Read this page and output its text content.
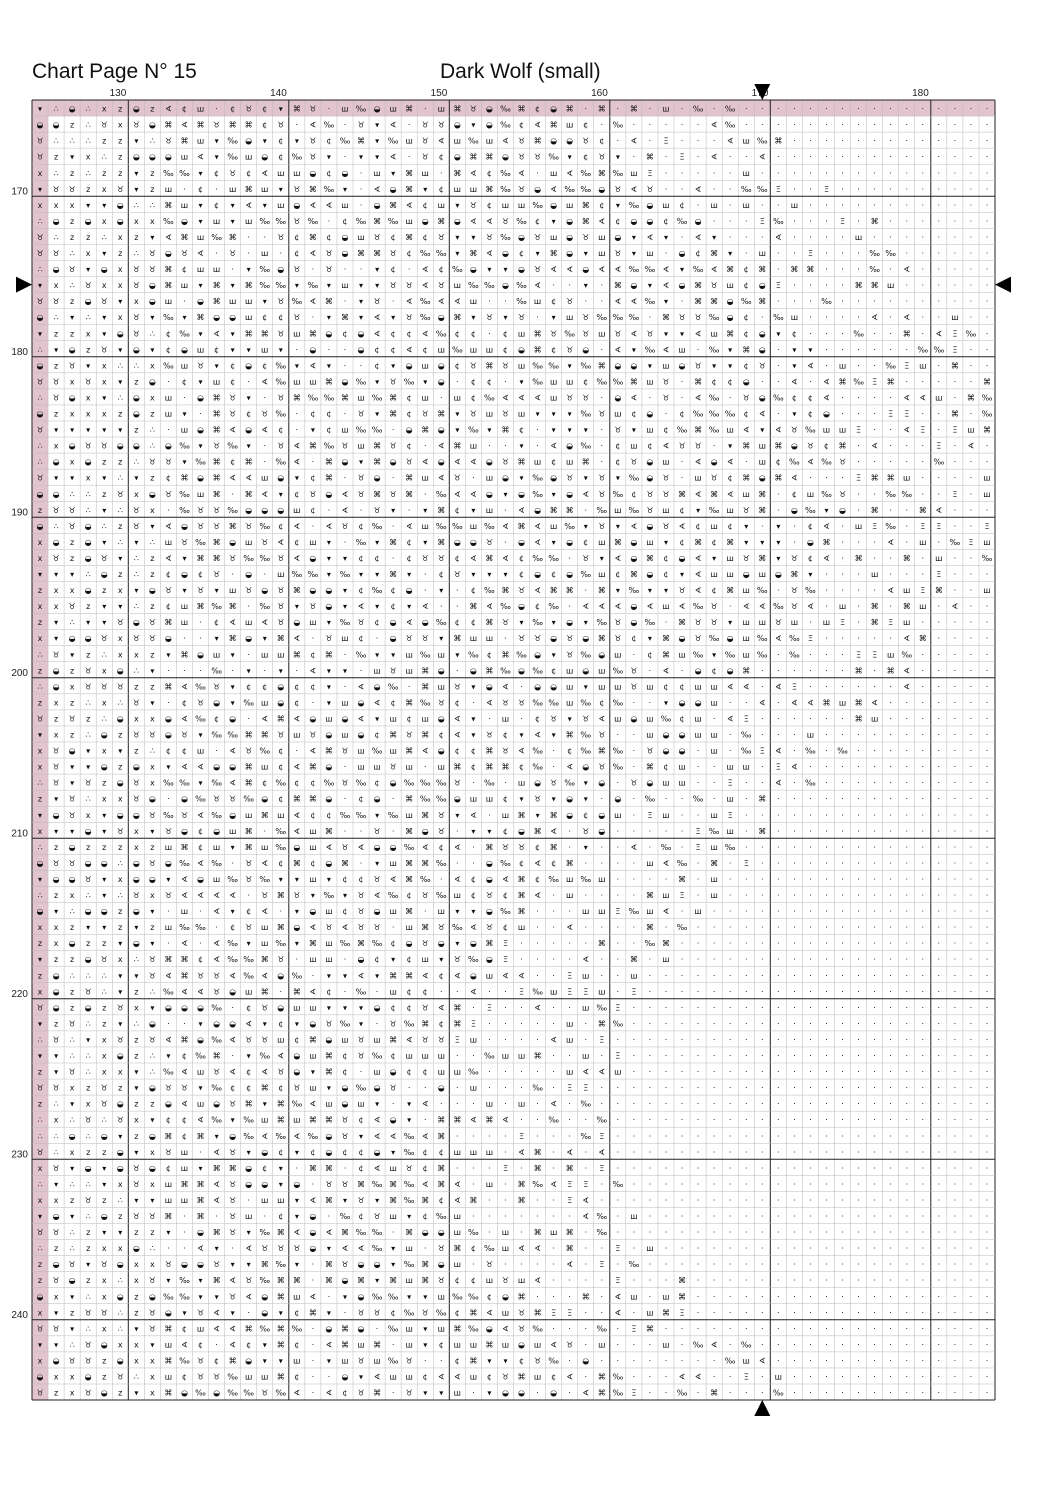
Chart Page N° 15	Dark Wolf (small)
▾ ∴ ◒ ∴ x z ◒ z ∢ ¢ ш · ¢ ♉ ¢ ▾ ⌘ ♉ · ш ‰ ◒ ш ⌘ · ш ⌘ ♉ ◒ ‰ ⌘ ¢ ◒ ⌘ · ⌘ · ⌘ · ш · ‰ · ‰ · · · · · · · · · · · · · · · ·
◒ ◒ z ∴ ♉ x ♉ ◒ ⌘ ∢ ⌘ ♉ ⌘ ⌘ ¢ ♉ · ∢ ‰ · ♉ ▾ ∢ · ♉ ♉ ◒ ▾ ◒ ‰ ¢ ∢ ⌘ ш ¢ · ‰ · · · · · ∢ ‰ · · · · · · · · · · · · · · · ·
♉ ∴ ∴ ∴ z z ▾ ∴ ♉ ⌘ ш ▾ ‰ ◒ ▾ ¢ ▾ ♉ ¢ ‰ ⌘ ▾ ‰ ш ♉ ∢ ш ‰ ш ∢ ♉ ⌘ ◒ ◒ ♉ ¢ · ∢ · Ξ · · · ∢ ш ‰ ⌘ · · · · · · · · · · · · ·
♉ z ▾ x ∴ z ◒ ◒ ◒ ш ∢ ▾ ‰ ш ◒ ¢ ‰ ♉ ▾ · ▾ ▾ ∢ · ♉ ¢ ◒ ⌘ ⌘ ◒ ♉ ♉ ‰ ▾ ¢ ♉ ▾ · ⌘ · Ξ · ∢ · · ∢ · · · · · · · · · · · · · ·
x ∴ z ∴ z z ▾ z ‰ ‰ ▾ ¢ ♉ ¢ ∢ ш ш ◒ ¢ ◒ · ш ▾ ⌘ ш · ⌘ ∢ ¢ ‰ ∢ · ш ∢ ‰ ⌘ ‰ ш Ξ · · · · · ш · · · · · · · · · · · · · · ·
▾ ♉ ♉ z x ♉ ▾ z ш · ¢ · ш ⌘ ш ▾ ♉ ⌘ ‰ ▾ · ∢ ◒ ⌘ ▾ ¢ ш ш ⌘ ‰ ♉ ◒ ∢ ‰ ‰ ◒ ♉ ∢ ♉ · · ∢ · · ‰ ‰ Ξ · · Ξ · · · · · · · · · ·
x x x ▾ ▾ ◒ ∴ ∴ ⌘ ш ▾ ¢ ▾ ∢ ▾ ш ◒ ∢ ∢ ш · ◒ ⌘ ∢ ¢ ш ▾ ♉ ¢ ш ш ‰ ◒ ш ⌘ ¢ ▾ ‰ ◒ ш ¢ · ш · ш · · ш · · · · · · · · · · · ·
∴ ◒ z ◒ x ◒ x x ‰ ◒ ▾ ш ▾ ш ‰ ‰ ♉ ‰ · ¢ ‰ ⌘ ‰ ш ◒ ⌘ ◒ ∢ ∢ ♉ ‰ ¢ ▾ ◒ ⌘ ∢ ¢ ◒ ◒ ¢ ‰ ◒ · · · Ξ ‰ · · · Ξ · ⌘ · · · · · · ·
♉ ∴ z z ∴ x z ▾ ∢ ⌘ ш ‰ ⌘ · · ♉ ¢ ⌘ ¢ ◒ ш ♉ ¢ ⌘ ¢ ♉ ▾ ▾ ♉ ‰ ◒ ♉ ш ◒ ♉ ш ◒ ▾ ∢ ▾ · ∢ ▾ · · · ∢ · · · · ш · · · · · · · ·
♉ ♉ ∴ x ▾ z ∴ ♉ ◒ ♉ ∢ · ♉ · ш · ¢ ∢ ♉ ◒ ⌘ ⌘ ♉ ¢ ‰ ‰ ▾ ⌘ ∢ ◒ ¢ ▾ ⌘ ◒ ▾ ш ♉ ▾ ш · ◒ ¢ ⌘ ▾ · ш · · Ξ · · · ‰ ‰ · · · · · ·
∴ ◒ ♉ ▾ ◒ x ♉ ♉ ⌘ ¢ ш ш · ▾ ‰ ◒ ♉ · ♉ · · ▾ ¢ · ∢ ¢ ‰ ◒ ▾ ▾ ◒ ♉ ∢ ∢ ◒ ∢ ∢ ‰ ‰ ∢ ▾ ‰ ∢ ⌘ ¢ ⌘ · ⌘ ⌘ · · · ‰ · ∢ · · · · ·
▾ x ∴ ♉ x x ♉ ◒ ⌘ ш ▾ ⌘ ▾ ⌘ ‰ ‰ ▾ ‰ ▾ ш ▾ ▾ ♉ ♉ ∢ ♉ ш ‰ ‰ ◒ ‰ ∢ · · ▾ · ⌘ ◒ ▾ ∢ ◒ ⌘ ♉ ш ¢ ◒ Ξ · · · · ⌘ ⌘ ш · · · · · ·
♉ ♉ z ◒ ♉ ▾ x ◒ ш · ◒ ⌘ ш ш ▾ ♉ ‰ ∢ ⌘ · ▾ ♉ · ∢ ‰ ∢ ∢ ш · · ‰ ш ¢ ♉ · · ∢ ∢ ‰ ▾ · ⌘ ⌘ ◒ ‰ ⌘ · · · ‰ · · · · · · · · · ·
◒ ∴ ▾ ∴ ▾ x ♉ ▾ ‰ ▾ ⌘ ◒ ◒ ш ¢ ¢ ♉ · ▾ ⌘ ▾ ∢ ▾ ♉ ‰ ◒ ⌘ ▾ ♉ ▾ ♉ · ▾ ш ♉ ‰ ‰ ‰ · ⌘ ♉ ♉ ‰ ◒ ¢ · ‰ ш · · · · ∢ · ∢ · · ш · ·
▾ z z x ▾ ◒ ♉ ∴ ¢ ‰ ▾ ∢ ▾ ⌘ ⌘ ♉ ш ⌘ ◒ ¢ ◒ ∢ ¢ ¢ ∢ ‰ ¢ ¢ · ¢ ш ⌘ ♉ ‰ ♉ ш ♉ ∢ ♉ ▾ ▾ ∢ ш ⌘ ¢ ◒ ▾ ¢ · · · ‰ · · ⌘ · ∢ Ξ ‰ ·
∴ ▾ ◒ z ♉ ▾ ◒ ▾ ¢ ◒ ш ¢ ▾ ▾ ш ▾ · ◒ · · ◒ ¢ ¢ ∢ ¢ ш ‰ ш ш ¢ ◒ ⌘ ¢ ♉ ◒ · ∢ ▾ ‰ ∢ ш · ‰ ▾ ⌘ ◒ · ▾ ▾ · · · · · · ‰ ‰ Ξ · ·
◒ z ♉ ▾ x ∴ ∴ x ‰ ш ♉ ▾ ¢ ◒ ¢ ‰ ▾ ∢ ▾ · · ¢ ▾ ◒ ш ◒ ¢ ♉ ⌘ ♉ ш ‰ ‰ ▾ ‰ ⌘ ◒ ◒ ▾ ш ◒ ♉ ▾ ▾ ¢ ♉ · ▾ ∢ · ш · · ‰ Ξ ш · ⌘ · ·
♉ ♉ x ♉ x ▾ z ◒ · ¢ ▾ ш ¢ · ∢ ‰ ш ш ⌘ ◒ ‰ ▾ ♉ ‰ ▾ ◒ · ¢ ¢ · ▾ ‰ ш ш ¢ ‰ ‰ ⌘ ш ♉ · ⌘ ¢ ¢ ◒ · · ∢ · ∢ ⌘ ‰ Ξ ⌘ · · · · · ⌘
∴ ♉ ◒ x ▾ ∴ ◒ x ш · ◒ ⌘ ♉ ▾ · ♉ ⌘ ‰ ‰ ⌘ ш ‰ ⌘ ¢ ш · ш ¢ ‰ ∢ ∢ ∢ ш ♉ ♉ · ◒ ∢ · ♉ · ∢ ‰ · ♉ ◒ ‰ ¢ ¢ ∢ · · · · ∢ ∢ ш · ⌘ ‰
◒ z x x x z ◒ z ш ▾ · ⌘ ♉ ¢ ♉ ‰ · ¢ ¢ · ♉ ▾ ⌘ ¢ ♉ ⌘ ▾ ♉ ш ♉ ш ▾ ▾ ▾ ‰ ♉ ш ¢ ◒ · ¢ ‰ ‰ ‰ ¢ ∢ · ▾ ¢ ◒ · · · Ξ Ξ · · ⌘ · ‰
♉ ▾ ▾ ▾ ▾ ▾ z ∴ · ш ◒ ⌘ ∢ ◒ ∢ ¢ · ▾ ¢ ш ‰ ‰ · ◒ ⌘ ◒ ▾ ‰ ▾ ⌘ ¢ · ▾ ▾ ▾ · ♉ ▾ ш ¢ ‰ ⌘ ‰ ш ∢ ▾ ∢ ♉ ‰ ш ш Ξ · · ∢ Ξ · Ξ ш ⌘
∴ x ◒ ♉ ♉ ◒ ◒ ∴ ◒ ‰ ▾ ♉ ‰ ▾ · ♉ ∢ ⌘ ‰ ♉ ш ⌘ ♉ ¢ · ∢ ⌘ ш · · ▾ · ∢ ◒ ‰ · ¢ ш ¢ ∢ ♉ ♉ · ▾ ⌘ ш ⌘ ◒ ♉ ¢ ⌘ · ∢ · · · Ξ · ∢ ·
∴ ◒ x ◒ z z ∴ ♉ ♉ ▾ ‰ ⌘ ¢ ⌘ · ‰ ∢ · ⌘ ◒ ▾ ⌘ ◒ ♉ ∢ ◒ ∢ ∢ ◒ ♉ ⌘ ш ¢ ш ⌘ · ¢ ♉ ◒ ш · ∢ ◒ ∢ · ш ¢ ‰ ∢ ‰ ♉ · · · · · ‰ · · ·
♉ ▾ ▾ x ▾ ∴ ▾ z ¢ ⌘ ◒ ⌘ ∢ ∢ ш ◒ ▾ ¢ ⌘ · ♉ ◒ · ⌘ ш ∢ ♉ · ш ◒ ▾ ‰ ◒ ♉ ▾ ♉ ▾ ‰ ◒ ♉ · ш ♉ ¢ ⌘ ◒ ⌘ ∢ · · · Ξ ⌘ ⌘ ш · · · · ш
◒ ◒ ∴ ∴ z ♉ x ◒ ♉ ‰ ш ⌘ · ⌘ ∢ ▾ ¢ ♉ ◒ ∢ ♉ ⌘ ♉ ⌘ · ‰ ∢ ∢ ◒ ▾ ◒ ‰ ▾ ◒ ∢ ♉ ‰ ¢ ♉ ♉ ⌘ ∢ ⌘ ∢ ш ⌘ · ¢ ш ‰ ♉ · · ‰ ‰ · · Ξ · ш
z ♉ ♉ ∴ ▾ ∴ ♉ x · ‰ ♉ ♉ ‰ ◒ ◒ ◒ ш ¢ · ∢ · ♉ ▾ · ▾ ⌘ ¢ ▾ ш · ∢ ◒ ⌘ ⌘ · ‰ ш ‰ ♉ ш ¢ ▾ ‰ ш ♉ ⌘ · ◒ ‰ ▾ ◒ · ⌘ · · ⌘ ∢ · · ·
◒ ∴ ♉ ◒ ∴ z ♉ ▾ ∢ ◒ ♉ ♉ ⌘ ♉ ‰ ¢ ∢ · ∢ ♉ ¢ ‰ · ∢ ш ‰ ‰ ш ‰ ∢ ⌘ ∢ ш ‰ ▾ ♉ ▾ ∢ ◒ ♉ ∢ ¢ ш ¢ ▾ · ▾ · ¢ ∢ · ш Ξ ‰ · Ξ Ξ · · Ξ
x ◒ z ◒ ▾ ∴ ▾ ∴ ш ♉ ‰ ⌘ ◒ ш ♉ ∢ ¢ ш ▾ · ‰ ▾ ⌘ ¢ ▾ ⌘ ◒ ◒ ♉ · ◒ ∢ ▾ ◒ ¢ ш ⌘ ◒ ш ▾ ¢ ⌘ ¢ ⌘ ▾ ▾ ▾ · ◒ ⌘ · · · ∢ · ш · ‰ Ξ ш
x ♉ z ◒ ♉ ▾ ∴ z ∢ ▾ ⌘ ⌘ ♉ ‰ ‰ ♉ ∢ ◒ ▾ ▾ ¢ ¢ · ¢ ♉ ♉ ¢ ∢ ⌘ ∢ ¢ ‰ ‰ · ♉ ▾ ∢ ◒ ⌘ ¢ ◒ ∢ ▾ ш ♉ ⌘ ▾ ♉ ¢ ∢ · ⌘ · · ⌘ · ш · · ‰
▾ ▾ ▾ ∴ ◒ z ∴ z ¢ ◒ ¢ ♉ · ◒ · ш ‰ ‰ ▾ ‰ ▾ ▾ ⌘ ▾ · ¢ ♉ ▾ ▾ ▾ ¢ ◒ ¢ ◒ ‰ ш ¢ ⌘ ◒ ¢ ▾ ∢ ш ш ◒ ш ◒ ⌘ ▾ · · · ш · · · Ξ · · ·
z x x ◒ z x ▾ ◒ ♉ ▾ ♉ ▾ ш ♉ ◒ ♉ ⌘ ◒ ◒ ▾ ¢ ‰ ¢ ◒ · ▾ · ¢ ‰ ⌘ ♉ ∢ ⌘ ⌘ · ⌘ ▾ ‰ ▾ ▾ ♉ ∢ ¢ ⌘ ш ‰ · ♉ ‰ · · · · ∢ ш Ξ ⌘ · · ш
x x ♉ z ▾ ▾ ∴ z ¢ ш ⌘ ‰ ⌘ · ‰ ♉ ▾ ♉ ◒ ▾ ∢ ▾ ¢ ▾ ∢ · · ⌘ ∢ ‰ ◒ ¢ ‰ · ∢ ∢ ∢ ◒ ∢ ш ∢ ‰ ♉ · ∢ ∢ ‰ ♉ ∢ · ш · ⌘ · ⌘ ш · ∢ · ·
z ▾ ∴ ▾ ▾ ♉ ◒ ♉ ⌘ ш · ¢ ∢ ш ∢ ♉ ◒ ш ▾ ‰ ♉ ¢ ◒ ∢ ◒ ‰ ¢ ¢ ⌘ ♉ ▾ ‰ ▾ ◒ ▾ ‰ ♉ ◒ ‰ · ⌘ ♉ ♉ ▾ ш ш ♉ ш · ш Ξ · ⌘ Ξ ш · · · · ·
x ▾ ◒ ◒ ♉ x ♉ ♉ ◒ · · ▾ ⌘ ◒ ▾ ⌘ ∢ · ♉ ш ¢ · ◒ ♉ ♉ ▾ ⌘ ш ш · ♉ ♉ ◒ ♉ ◒ ⌘ ♉ ¢ ▾ ⌘ ◒ ♉ ‰ ◒ ш ‰ ∢ ‰ Ξ · · · · · ∢ ⌘ · · · ·
∴ ♉ ▾ z ∴ x x z ▾ ⌘ ◒ ш ▾ · ш ш ⌘ ¢ ⌘ · ‰ ▾ ▾ ш ‰ ш ▾ ‰ ¢ ⌘ ‰ ◒ ▾ ♉ ‰ ◒ ш · ¢ ⌘ ш ‰ ▾ ‰ ш ‰ · ‰ · · · Ξ Ξ ш ‰ · · · · ·
z ◒ z ♉ x ◒ ∴ ▾ · · · ‰ · ▾ · ▾ · ∢ ▾ ▾ · ш ♉ ш ⌘ ◒ · ◒ ⌘ ‰ ◒ ‰ ¢ ш ◒ ш ‰ ♉ · ∢ · ◒ ¢ ◒ ⌘ · · · · · · ⌘ · ⌘ ∢ · · · · ·
∴ ◒ x ♉ ♉ ♉ z z ⌘ ∢ ‰ ♉ ▾ ¢ ¢ ◒ ¢ ¢ ▾ · ∢ ◒ ‰ · ⌘ ш ♉ ▾ ◒ ∢ · ◒ ◒ ш ▾ ш ш ♉ ш ¢ ¢ ш ш ∢ ∢ · ∢ Ξ · · · · · · ∢ · · · · ·
z x z ∴ x ∴ ♉ ▾ · ¢ ♉ ◒ ▾ ‰ ш ◒ ¢ · ▾ ш ◒ ∢ ¢ ⌘ ‰ ♉ ¢ · ∢ ♉ ♉ ‰ ‰ ш ‰ ¢ ‰ · · ▾ ◒ ◒ ш · · ∢ · ∢ ∢ ⌘ ш ⌘ ∢ · · · · · · ·
♉ z ♉ z ∴ ◒ x x ◒ ∢ ‰ ¢ ◒ · ∢ ⌘ ∢ ◒ ш ◒ ∢ ▾ ш ¢ ш ◒ ∢ ▾ · ш · ¢ ♉ ▾ ♉ ∢ ш ◒ ш ‰ ¢ ш · ∢ Ξ · · · · · · ⌘ ш · · · · · · ·
▾ x z ∴ ◒ z ♉ ♉ ◒ ♉ ▾ ‰ ‰ ⌘ ⌘ ♉ ш ♉ ◒ ш ◒ ¢ ⌘ ♉ ⌘ ¢ ∢ ▾ ♉ ¢ ▾ ∢ ▾ ⌘ ‰ ♉ · · ш ◒ ◒ ш ш · ‰ · · · ш · · · · · · · · · · ·
x ♉ ◒ ▾ x ▾ z ∴ ¢ ¢ ш · ∢ ♉ ‰ ¢ · ∢ ⌘ ♉ ш ‰ ш ⌘ ∢ ◒ ¢ ¢ ⌘ ♉ ∢ ‰ · ¢ ‰ ⌘ ‰ · ♉ ◒ ◒ · ш · ‰ Ξ ∢ · ‰ · ‰ · · · · · · · · ·
x ♉ ▾ ▾ ◒ z ◒ x ▾ ∢ ∢ ◒ ◒ ⌘ ш ¢ ∢ ⌘ ◒ · ш ш ♉ ш · ш ⌘ ¢ ⌘ ⌘ ¢ ‰ · ∢ ◒ ♉ ‰ · ⌘ ¢ ш · · ш ш · Ξ ∢ · · · · · · · · · · · ·
∴ ♉ ▾ ♉ z ◒ ♉ x ‰ ‰ ▾ ‰ ∢ ⌘ ¢ ‰ ¢ ¢ ‰ ♉ ‰ ¢ ◒ ‰ ‰ ‰ ♉ · ‰ · ш ◒ ♉ ‰ ▾ ◒ · ♉ ◒ ш ш · · Ξ · · ∢ · ‰ · · · · · · · · · · ·
z ▾ ♉ ∴ x x ♉ ◒ · ◒ ‰ ♉ ♉ ‰ ◒ ¢ ⌘ ⌘ ◒ · ¢ ◒ · ⌘ ‰ ‰ ◒ ш ш ¢ ▾ ♉ ▾ ◒ ▾ · ◒ · ‰ · · ‰ · ш · ⌘ · · · · · · · · · · · · · ·
▾ ◒ ♉ x ▾ ◒ ◒ ♉ ‰ ♉ ∢ ‰ ◒ ш ⌘ ш ∢ ¢ ¢ ‰ ‰ ▾ ‰ ш ⌘ ♉ ▾ ∢ · ш ⌘ ▾ ⌘ ◒ ¢ ◒ ш · Ξ ш · · ш Ξ · · · · · · · · · · · · · · · ·
x ▾ ▾ ◒ ▾ ♉ x ▾ ♉ ◒ ¢ ◒ ш ⌘ · ‰ ∢ ш ⌘ · · ♉ · ⌘ ◒ ♉ · ▾ ▾ ¢ ◒ ⌘ ∢ · ♉ ◒ · · · · · Ξ ‰ ш · ⌘ · · · · · · · · · · · · · ·
∴ z ◒ z z z x z ш ⌘ ¢ ш ▾ ⌘ ш ‰ ◒ ш ∢ ♉ ∢ ◒ ◒ ‰ ∢ ¢ ∢ · ⌘ ♉ ♉ ¢ ⌘ · ▾ · · ∢ · ‰ · Ξ ш ‰ · · · · · · · · · · · · · · · ·
◒ ♉ ♉ ◒ ◒ ∴ ◒ ♉ ◒ ‰ ∢ ‰ · ♉ ∢ ¢ ⌘ ¢ ◒ ⌘ · ▾ ш ⌘ ⌘ ‰ · · ◒ ‰ ¢ ∢ ¢ ⌘ · · · · ш ∢ ‰ · ⌘ · Ξ · · · · · · · · · · · · · · ·
▾ ◒ ◒ ♉ ▾ x ◒ ◒ ▾ ∢ ◒ ш ‰ ♉ ‰ ▾ ▾ ш ▾ ¢ ¢ ♉ ∢ ⌘ ‰ · ∢ ¢ ◒ ∢ ⌘ ¢ ‰ ш ‰ ш · · · · ⌘ · ш · · · · · · · · · · · · · · · · ·
∴ z x ∴ ▾ ∴ ♉ x ♉ ∢ ∢ ∢ ∢ · ♉ ⌘ ♉ ▾ ‰ ▾ ♉ ∢ ‰ ¢ ♉ ‰ ш ¢ ♉ ¢ ⌘ ∢ · ш · · · · ⌘ ш Ξ · ш · · · · · · · · · · · · · · · · ·
◒ ▾ ∴ ◒ ◒ z ◒ ▾ · ш · ∢ ▾ ¢ ∢ · ▾ ◒ ш ¢ ♉ ◒ ш ⌘ · ш ▾ ▾ ◒ ‰ ⌘ · · · ш ш Ξ ‰ ш ∢ · ш · · · · · · · · · · · · · · · · · ·
x x z ▾ ▾ z ▾ z ш ‰ ‰ · ¢ ♉ ш ⌘ ◒ ∢ ♉ ∢ ♉ ♉ · ш ⌘ ♉ ‰ ∢ ♉ ¢ ш · · ∢ · · · · ⌘ · ‰ · · · · · · · · · · · · · · · · · · ·
z x ◒ z z ▾ ◒ ▾ · ∢ · ∢ ‰ ▾ ш ‰ ▾ ⌘ ш ‰ ⌘ ‰ ¢ ◒ ♉ ◒ ▾ ◒ ⌘ Ξ · · · · · ⌘ · · ‰ ⌘ · · · · · · · · · · · · · · · · · · · ·
▾ z z ◒ ♉ x ∴ ♉ ⌘ ⌘ ¢ ∢ ‰ ‰ ⌘ ♉ · ш ш · ◒ ¢ ▾ ¢ ш ▾ ♉ ‰ ◒ Ξ · · · · ∢ · · ⌘ · ш · · · · · · · · · · · · · · · · · · · ·
z ◒ ∴ ∴ ∴ ▾ ▾ ♉ ∢ ⌘ ♉ ♉ ∢ ‰ ∢ ◒ ‰ · ▾ ▾ ∢ ▾ ⌘ ⌘ ∢ ¢ ∢ ◒ ш ∢ ∢ · · Ξ ш · · ш · · · · · · · · · · · · · · · · · · · · · ·
x ◒ z ♉ ∴ ▾ z ∴ ‰ ∢ ∢ ♉ ◒ ш ⌘ · ⌘ ∢ ¢ · ‰ · ш ¢ ¢ · · ∢ · · Ξ ‰ ш Ξ Ξ ш · Ξ · · · · · · · · · · · · · · · · · · · · · ·
♉ ◒ z ◒ z ♉ x ▾ ◒ ◒ ◒ ‰ · ¢ ♉ ◒ ш ш ▾ ▾ ▾ ◒ ¢ ¢ ♉ ∢ ⌘ · Ξ · · ∢ · · ш ‰ Ξ · · · · · · · · · · · · · · · · · · · · · · ·
▾ z ♉ ∴ z ▾ ∴ ◒ · · ▾ ◒ ◒ ∢ ▾ ¢ ▾ ◒ ♉ ‰ ▾ · ♉ ‰ ⌘ ¢ ⌘ Ξ · · · · · ш · ⌘ ‰ · · · · · · · · · · · · · · · · · · · · · · ·
∴ ♉ ∴ ▾ x ♉ z ♉ ∢ ⌘ ◒ ‰ ∢ ♉ ♉ ш ¢ ⌘ ◒ ш ♉ ш ⌘ ∢ ♉ ♉ Ξ ш · · · · ∢ ш · Ξ · · · · · · · · · · · · · · · · · · · · · · · ·
▾ ▾ ∴ ∴ x ◒ z ∴ ▾ ¢ ‰ ⌘ · ▾ ‰ ∢ ◒ ш ⌘ ¢ ♉ ‰ ¢ ш ш ш · · ‰ ш ш ⌘ · · ш · Ξ · · · · · · · · · · · · · · · · · · · · · · ·
z ▾ ♉ ∴ x x ▾ ∴ ‰ ∢ ш ♉ ∢ ¢ ∢ ♉ ◒ ▾ ⌘ ¢ · ш ◒ ¢ ¢ ш ш ‰ · · · · · ш ∢ ∢ ш · · · · · · · · · · · · · · · · · · · · · · ·
♉ ♉ x z ♉ z ▾ ◒ ♉ ♉ ▾ ‰ ¢ ¢ ⌘ ¢ ♉ ш ▾ ◒ ‰ ◒ ♉ · · ◒ · ш · · · ‰ · Ξ Ξ · · · · · · · · · · · · · · · · · · · · · · · · ·
z ∴ ▾ x ♉ ◒ z z ◒ ∢ ш ◒ ♉ ⌘ ▾ ⌘ ‰ ∢ ш ◒ ш ▾ · ▾ ∢ · · · ш · ш · ∢ · ‰ · · · · · · · · · · · · · · · · · · · · · · · · ·
∴ x ∴ ♉ ∴ ♉ x ▾ ¢ ¢ ∢ ‰ ▾ ‰ ш ⌘ ш ⌘ ⌘ ♉ ¢ ∢ ◒ ▾ · ⌘ ⌘ ∢ ⌘ ∢ · · ‰ · · ‰ · · · · · · · · · · · · · · · · · · · · · · · ·
∴ ∴ ◒ ∴ ◒ ▾ z ◒ ⌘ ¢ ⌘ ▾ ◒ ‰ ∢ ‰ ∢ ‰ ◒ ♉ ▾ ∢ ∢ ‰ ∢ ⌘ · · · · Ξ · · · ‰ Ξ · · · · · · · · · · · · · · · · · · · · · · · ·
♉ ∴ x z z ◒ ▾ x ♉ ш · ∢ ♉ ▾ ◒ ¢ ▾ ¢ ◒ ¢ ¢ ◒ ▾ ‰ ¢ ¢ ш ш ш · ∢ ⌘ · ∢ · ∢ · · · · · · · · · · · · · · · · · · · · · · · ·
x ♉ ▾ ◒ ▾ ◒ ♉ ◒ ¢ ш ▾ ⌘ ⌘ ◒ ¢ ▾ · ⌘ ⌘ · ¢ ∢ ш ♉ ¢ ⌘ · · · Ξ · ⌘ · ⌘ · Ξ · · · · · · · · · · · · · · · · · · · · · · · ·
∴ ▾ ∴ ∴ ▾ x ♉ x ш ⌘ ⌘ ∢ ♉ ◒ ◒ ▾ ◒ · ♉ ♉ ⌘ ‰ ⌘ ‰ ∢ ⌘ ∢ · ш · ⌘ ‰ ∢ Ξ Ξ · ‰ · · · · · · · · · · · · · · · · · · · · · · ·
x x z ♉ z ∴ ▾ ▾ ш ш ⌘ ∢ ♉ · ш ш ▾ ∢ ⌘ ▾ ♉ ▾ ⌘ ‰ ⌘ ¢ ∢ ⌘ · · ⌘ · · Ξ ∢ · · · · · · · · · · · · · · · · · · · · · · · · ·
▾ ◒ ▾ ∴ ◒ z ♉ ♉ ⌘ · ⌘ · ♉ ш · ¢ ▾ ◒ · ‰ ¢ ♉ ш ▾ ¢ ‰ ш · · · · · · · ∢ ‰ · ш · · · · · · · · · · · · · · · · · · · · · ·
♉ ♉ ∴ z ▾ ▾ z z ▾ · ◒ ⌘ ♉ ▾ ‰ ⌘ ∢ ◒ ∢ ⌘ ‰ ‰ · ⌘ ◒ ◒ ш ‰ · ш · ⌘ ш ⌘ · ‰ · · · · · · · · · · · · · · · · · · · · · · · ·
∴ z ∴ z x x ◒ ∴ · · ∢ ▾ · ∢ ♉ ♉ ♉ ◒ ▾ ∢ ∢ ‰ ▾ ш · ♉ ⌘ ¢ ‰ ш ∢ ∢ · ⌘ · · Ξ · ш · · · · · · · · · · · · · · · · · · · · ·
z ◒ ♉ ▾ ♉ ◒ x x ♉ ◒ ◒ ♉ ▾ ▾ ⌘ ‰ ▾ · ⌘ ♉ ◒ ◒ ▾ ‰ ⌘ ◒ ш · ♉ · · · · ∢ · Ξ · ‰ · · · · · · · · · · · · · · · · · · · · · ·
z ♉ ◒ z x ∴ x ♉ ▾ ‰ ▾ ⌘ ∢ ♉ ‰ ⌘ ⌘ · ⌘ ◒ ⌘ ▾ ⌘ ш ⌘ ♉ ¢ ¢ ш ♉ ш ∢ · · · · Ξ · · · ⌘ · · · · · · · · · · · · · · · · · · ·
◒ x ▾ ∴ x ◒ z ◒ ‰ ‰ ▾ ▾ ♉ ∢ ◒ ⌘ ш ∢ · ▾ ◒ ‰ ‰ ▾ ▾ ш ‰ ‰ ¢ ◒ ⌘ · · · ⌘ · ∢ ш · ш ⌘ · · · · · · · · · · · · · · · · · · ·
x ▾ z ♉ ♉ ∴ z ♉ ◒ ▾ ♉ ∢ ▾ · ◒ ▾ ¢ ⌘ ▾ · ♉ ♉ ¢ ‰ ♉ ‰ ¢ ⌘ ∢ ш ♉ ⌘ Ξ Ξ · · ∢ · ш ⌘ Ξ · · · · · · · · · · · · · · · · · · ·
♉ ♉ ▾ ∴ x ∴ ▾ ♉ ⌘ ¢ ш ∢ ∢ ⌘ ‰ ⌘ ‰ · ◒ ⌘ ◒ · ‰ ш ▾ ш ⌘ ‰ ◒ ∢ ♉ ‰ · · · ‰ · Ξ ⌘ · · · · · · · · · · · · · · · · · · · · ·
▾ ▾ ∴ ♉ ◒ x x ▾ ш ∢ ¢ · ∢ ¢ ▾ ⌘ ¢ · ∢ ⌘ ш ⌘ · ш ▾ ¢ ш ш ⌘ ш ◒ ш ∢ ♉ · ш · · · ш · ‰ ∢ · ‰ · · · · · · · · · · · · · · ·
x ◒ ♉ ♉ z ◒ x x ⌘ ‰ ♉ ¢ ⌘ ◒ ▾ ▾ ш · ▾ ш ♉ ш ‰ ♉ · · ¢ ⌘ ▾ ▾ ¢ ♉ ‰ · ◒ · · · · · · · · ‰ ш ∢ · · · · · · · · · · · · · ·
◒ x x ◒ z ♉ ∴ x ш ¢ ♉ ♉ ‰ ш ш ⌘ ¢ · · ◒ ▾ ∢ ш ш ¢ ∢ ∢ ш ¢ ♉ ⌘ ш ¢ ∢ · ⌘ ‰ · · · ∢ ∢ · · Ξ · ш · · · · · · · · · · · · ·
♉ z x ♉ ◒ z ▾ x ⌘ ◒ ‰ ◒ ‰ ‰ ♉ ‰ ∢ · ∢ ¢ ♉ ⌘ · ♉ ▾ ▾ ш · ▾ ◒ ◒ · ◒ · ∢ ⌘ ‰ Ξ · · ‰ · ⌘ · · · ‰ · · · · · · · · · · · · ·
130	140	150	160	180
170
180
190
200
210
220
230
240
